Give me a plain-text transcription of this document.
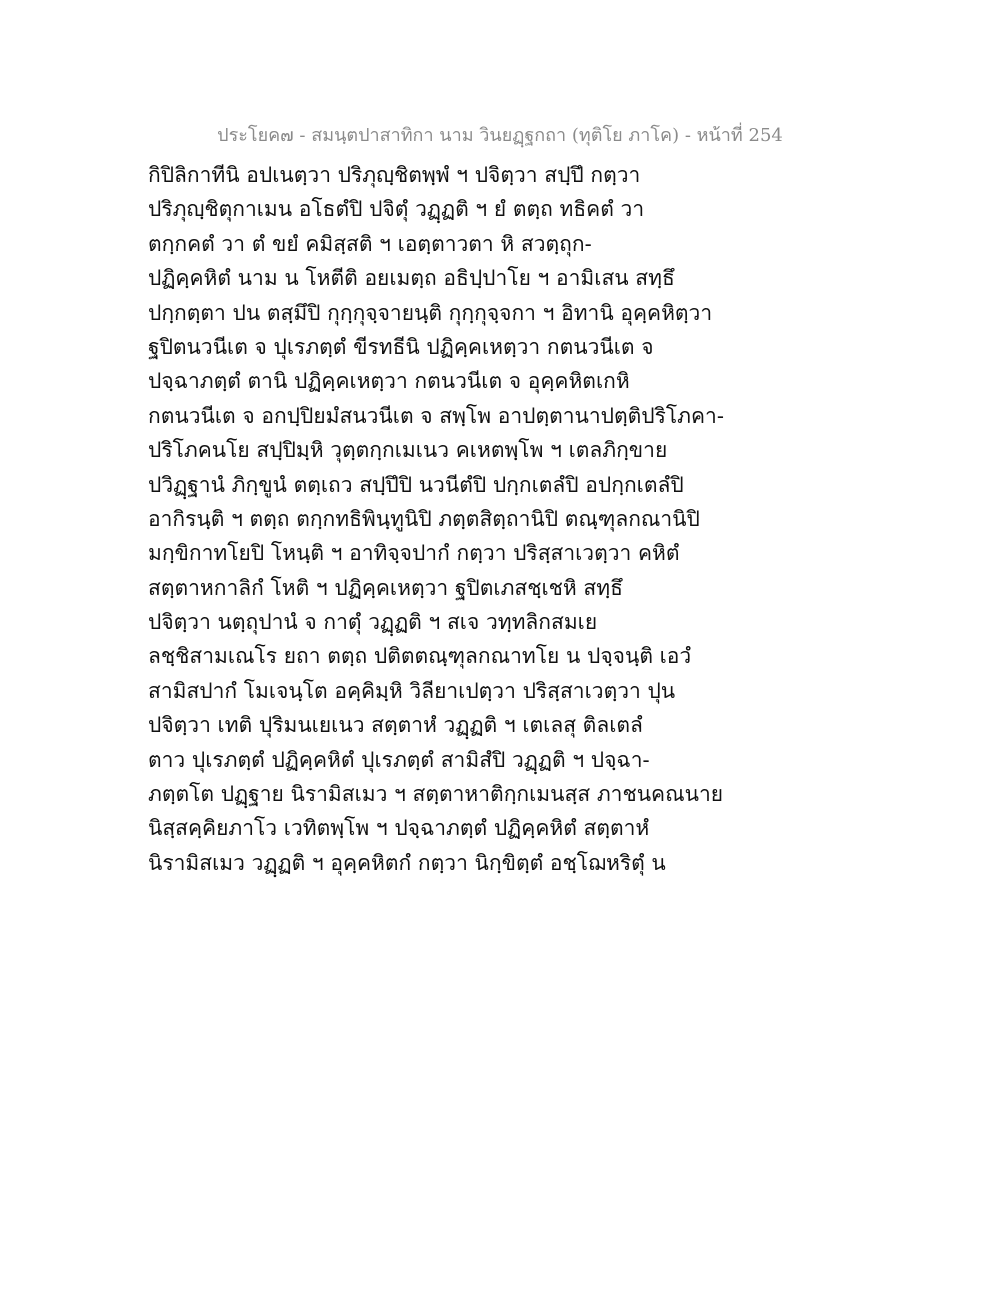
ประโยค๗ - สมนฺตปาสาทิกา นาม วินยฏฺฐกถา (ทุติโย ภาโค) - หน้าที่ 254
กิปิลิกาทีนิ อปเนตฺวา ปริภุญฺชิตพฺพํ ฯ ปจิตฺวา สปฺปึ กตฺวา
ปริภุญฺชิตุกาเมน อโธตํปิ ปจิตุํ วฏฺฏติ ฯ ยํ ตตฺถ ทธิคตํ วา
ตกฺกคตํ วา ตํ ขยํ คมิสฺสติ ฯ เอตฺตาวตา หิ สวตฺถุก-
ปฏิคฺคหิตํ นาม น โหตีติ อยเมตฺถ อธิปฺปาโย ฯ อามิเสน สทฺธึ
ปกฺกตฺตา ปน ตสฺมึปิ กุกฺกุจฺจายนฺติ กุกฺกุจฺจกา ฯ อิทานิ อุคฺคหิตฺวา
ฐปิตนวนีเต จ ปุเรภตฺตํ ขีรทธีนิ ปฏิคฺคเหตฺวา กตนวนีเต จ
ปจฺฉาภตฺตํ ตานิ ปฏิคฺคเหตฺวา กตนวนีเต จ อุคฺคหิตเกหิ
กตนวนีเต จ อกปฺปิยมํสนวนีเต จ สพฺโพ อาปตฺตานาปตฺติปริโภคา-
ปริโภคนโย สปฺปิมฺหิ วุตฺตกฺกเมเนว คเหตพฺโพ ฯ เตลภิกฺขาย
ปวิฏฺฐานํ ภิกฺขูนํ ตตฺเถว สปฺปึปิ นวนีตํปิ ปกฺกเตลํปิ อปกฺกเตลํปิ
อากิรนฺติ ฯ ตตฺถ ตกฺกทธิพินฺทูนิปิ ภตฺตสิตฺถานิปิ ตณฺฑุลกณานิปิ
มกฺขิกาทโยปิ โหนฺติ ฯ อาทิจฺจปากํ กตฺวา ปริสฺสาเวตฺวา คหิตํ
สตฺตาหกาลิกํ โหติ ฯ ปฏิคฺคเหตฺวา ฐปิตเภสชฺเชหิ สทฺธึ
ปจิตฺวา นตฺถุปานํ จ กาตุํ วฏฺฏติ ฯ สเจ วทฺทลิกสมเย
ลชฺชิสามเณโร ยถา ตตฺถ ปติตตณฺฑุลกณาทโย น ปจฺจนฺติ เอวํ
สามิสปากํ โมเจนฺโต อคฺคิมฺหิ วิลียาเปตฺวา ปริสฺสาเวตฺวา ปุน
ปจิตฺวา เทติ ปุริมนเยเนว สตฺตาหํ วฏฺฏติ ฯ เตเลสุ ติลเตลํ
ตาว ปุเรภตฺตํ ปฏิคฺคหิตํ ปุเรภตฺตํ สามิสํปิ วฏฺฏติ ฯ ปจฺฉา-
ภตฺตโต ปฏฺฐาย นิรามิสเมว ฯ สตฺตาหาติกฺกเมนสฺส ภาชนคณนาย
นิสฺสคฺคิยภาโว เวทิตพฺโพ ฯ ปจฺฉาภตฺตํ ปฏิคฺคหิตํ สตฺตาหํ
นิรามิสเมว วฏฺฏติ ฯ อุคฺคหิตกํ กตฺวา นิกฺขิตฺตํ อชฺโฌหริตุํ น
